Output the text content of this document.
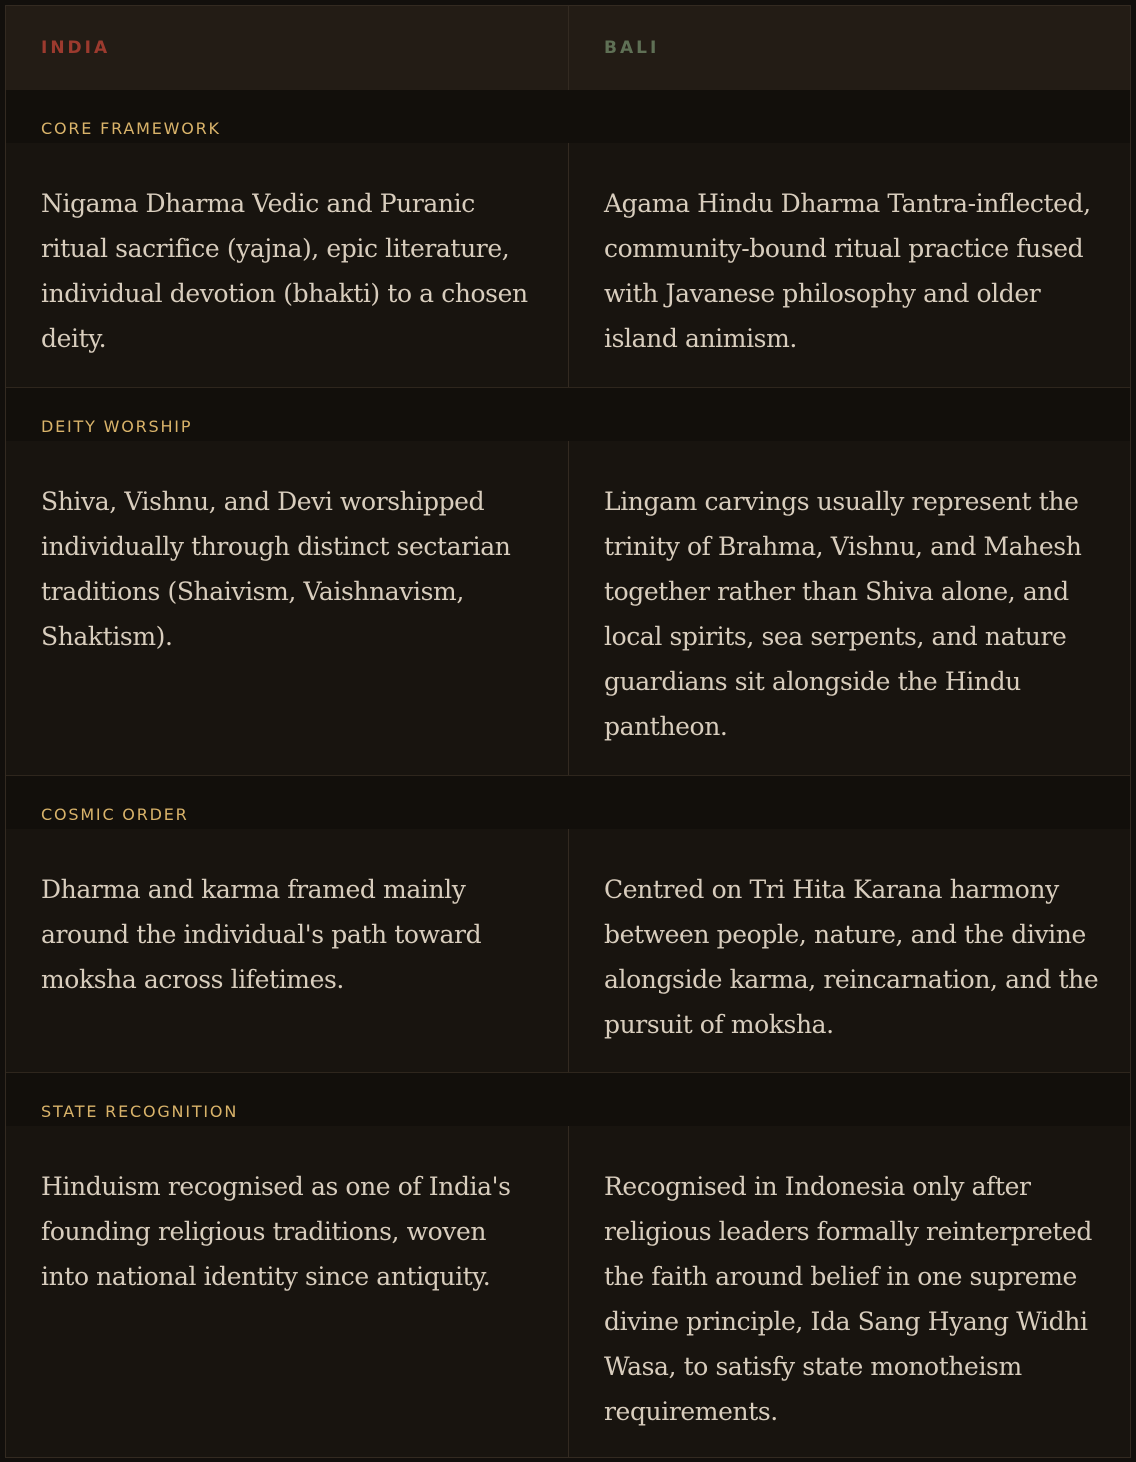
INDIA	BALI
CORE FRAMEWORK
Nigama Dharma Vedic and Puranic ritual sacrifice (yajna), epic literature, individual devotion (bhakti) to a chosen deity.
Agama Hindu Dharma Tantra-inflected, community-bound ritual practice fused with Javanese philosophy and older island animism.
DEITY WORSHIP
Shiva, Vishnu, and Devi worshipped individually through distinct sectarian traditions (Shaivism, Vaishnavism, Shaktism).
Lingam carvings usually represent the trinity of Brahma, Vishnu, and Mahesh together rather than Shiva alone, and local spirits, sea serpents, and nature guardians sit alongside the Hindu pantheon.
COSMIC ORDER
Dharma and karma framed mainly around the individual's path toward moksha across lifetimes.
Centred on Tri Hita Karana harmony between people, nature, and the divine alongside karma, reincarnation, and the pursuit of moksha.
STATE RECOGNITION
Hinduism recognised as one of India's founding religious traditions, woven into national identity since antiquity.
Recognised in Indonesia only after religious leaders formally reinterpreted the faith around belief in one supreme divine principle, Ida Sang Hyang Widhi Wasa, to satisfy state monotheism requirements.
